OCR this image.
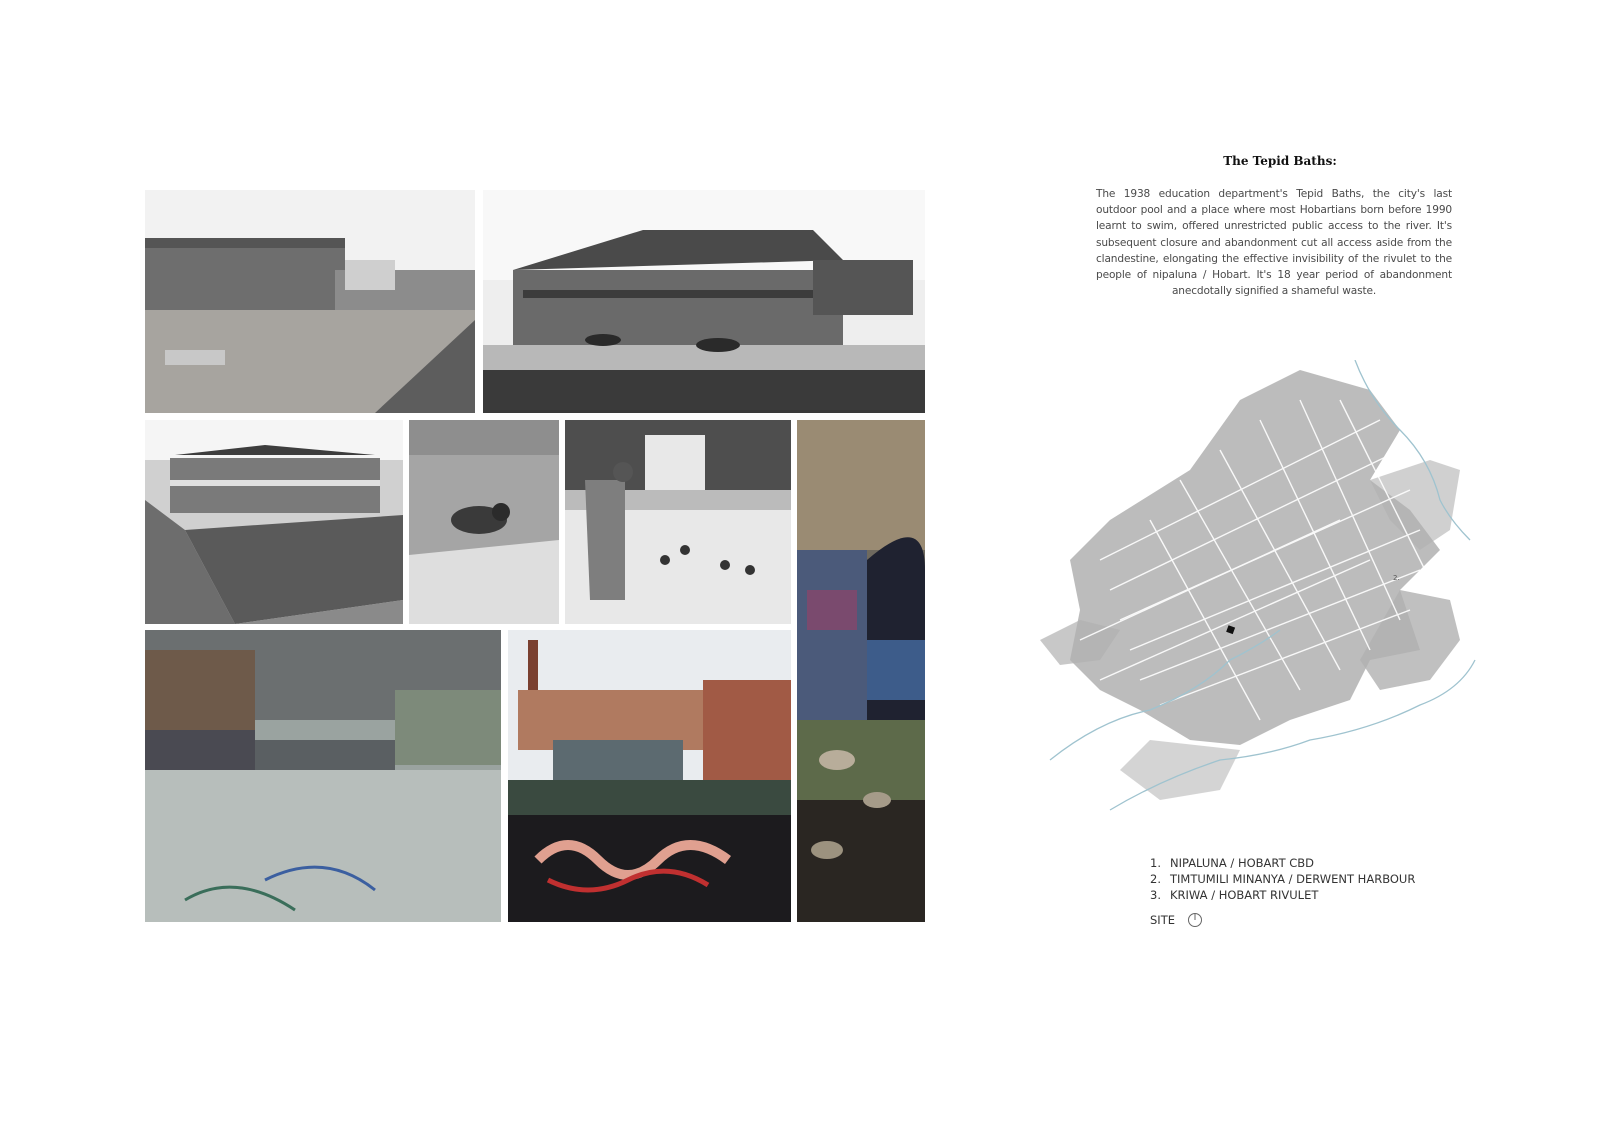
The Tepid Baths:
The 1938 education department's Tepid Baths, the city's last outdoor pool and a place where most Hobartians born before 1990 learnt to swim, offered unrestricted public access to the river. It's subsequent closure and abandonment cut all access aside from the clandestine, elongating the effective invisibility of the rivulet to the people of nipaluna / Hobart. It's 18 year period of abandonment anecdotally signified a shameful waste.
2.
1. NIPALUNA / HOBART CBD
2. TIMTUMILI MINANYA / DERWENT HARBOUR
3. KRIWA / HOBART RIVULET
SITE
